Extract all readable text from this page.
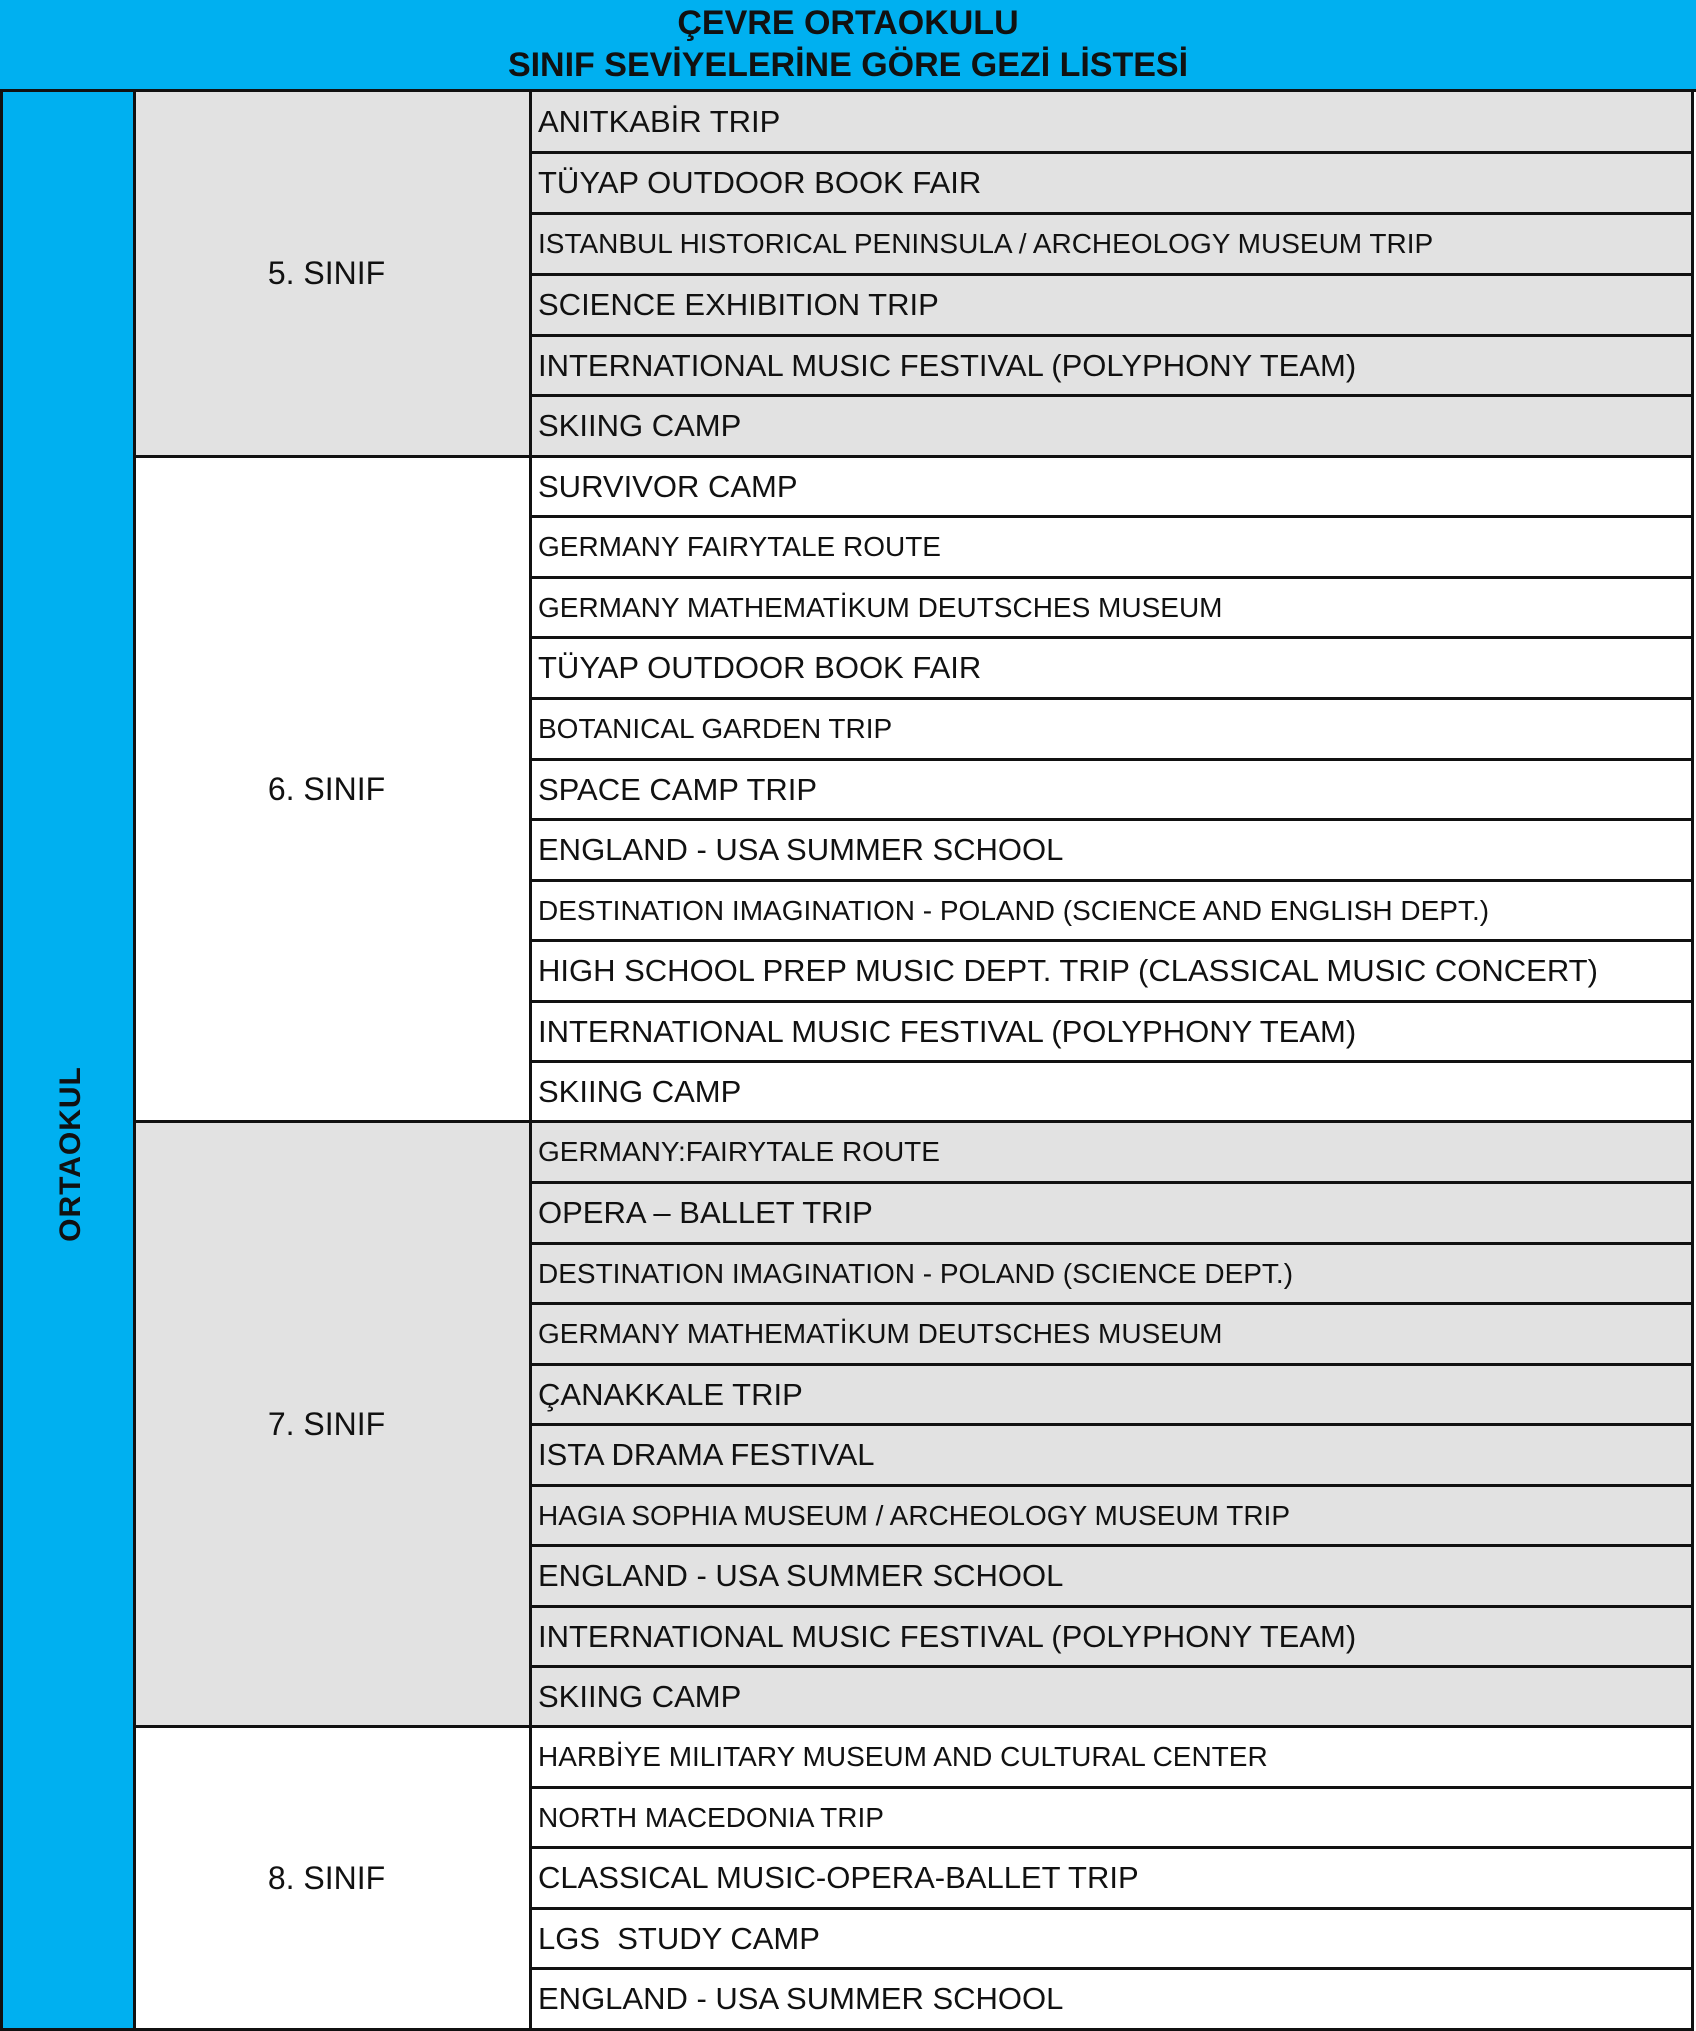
ÇEVRE ORTAOKULU
SINIF SEVİYELERİNE GÖRE GEZİ LİSTESİ
ORTAOKUL
5. SINIF
ANITKABİR TRIP
TÜYAP OUTDOOR BOOK FAIR
ISTANBUL HISTORICAL PENINSULA / ARCHEOLOGY MUSEUM TRIP
SCIENCE EXHIBITION TRIP
INTERNATIONAL MUSIC FESTIVAL (POLYPHONY TEAM)
SKIING CAMP
6. SINIF
SURVIVOR CAMP
GERMANY FAIRYTALE ROUTE
GERMANY MATHEMATİKUM DEUTSCHES MUSEUM
TÜYAP OUTDOOR BOOK FAIR
BOTANICAL GARDEN TRIP
SPACE CAMP TRIP
ENGLAND - USA SUMMER SCHOOL
DESTINATION IMAGINATION - POLAND (SCIENCE AND ENGLISH DEPT.)
HIGH SCHOOL PREP MUSIC DEPT. TRIP (CLASSICAL MUSIC CONCERT)
INTERNATIONAL MUSIC FESTIVAL (POLYPHONY TEAM)
SKIING CAMP
7. SINIF
GERMANY:FAIRYTALE ROUTE
OPERA – BALLET TRIP
DESTINATION IMAGINATION - POLAND (SCIENCE DEPT.)
GERMANY MATHEMATİKUM DEUTSCHES MUSEUM
ÇANAKKALE TRIP
ISTA DRAMA FESTIVAL
HAGIA SOPHIA MUSEUM / ARCHEOLOGY MUSEUM TRIP
ENGLAND - USA SUMMER SCHOOL
INTERNATIONAL MUSIC FESTIVAL (POLYPHONY TEAM)
SKIING CAMP
8. SINIF
HARBİYE MILITARY MUSEUM AND CULTURAL CENTER
NORTH MACEDONIA TRIP
CLASSICAL MUSIC-OPERA-BALLET TRIP
LGS  STUDY CAMP
ENGLAND - USA SUMMER SCHOOL
